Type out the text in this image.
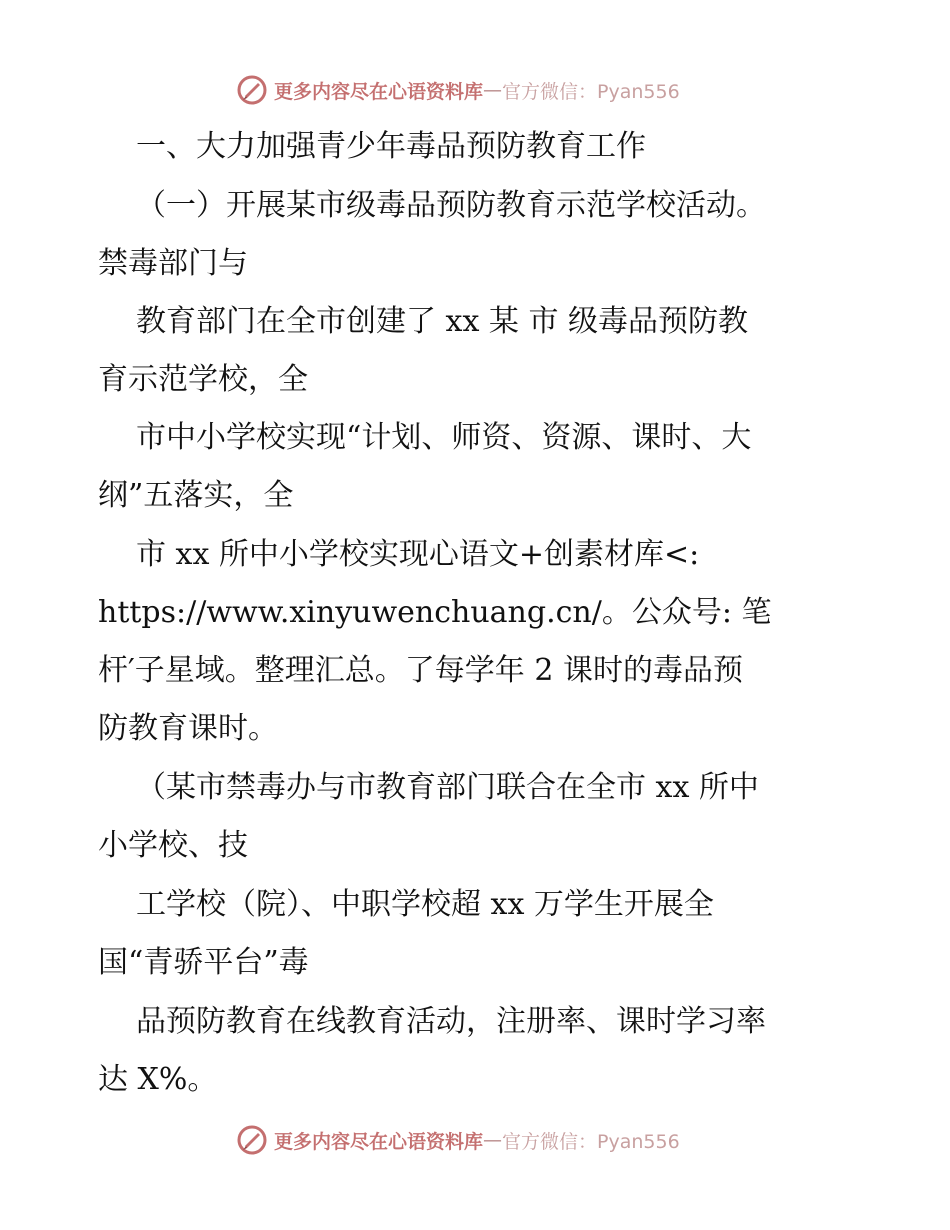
更多内容尽在心语资料库 — 官方微信：Pyan556
一、大力加强青少年毒品预防教育工作
（一）开展某市级毒品预防教育示范学校活动。
禁毒部门与
教育部门在全市创建了 xx 某 市 级毒品预防教
育示范学校，全
市中小学校实现“计划、师资、资源、课时、大
纲”五落实，全
市 xx 所中小学校实现心语文+创素材库<:
https://www.xinyuwenchuang.cn/。公众号: 笔
杆′子星域。整理汇总。了每学年 2 课时的毒品预
防教育课时。
（某市禁毒办与市教育部门联合在全市 xx 所中
小学校、技
工学校（院）、中职学校超 xx 万学生开展全
国“青骄平台”毒
品预防教育在线教育活动，注册率、课时学习率
达 X%。
更多内容尽在心语资料库 — 官方微信：Pyan556
